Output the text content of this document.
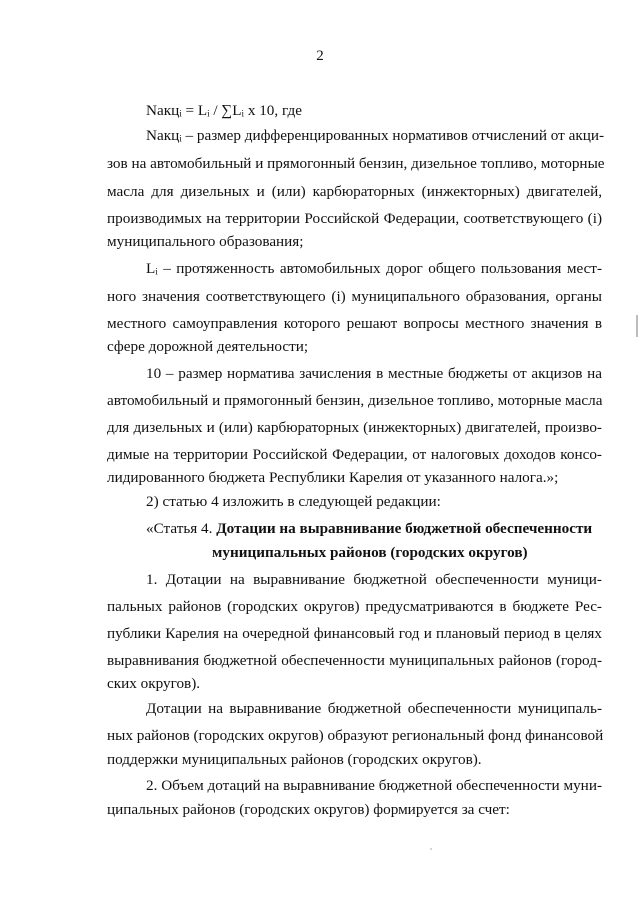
2
Nакцᵢ = Lᵢ / ∑Lᵢ x 10, где
Nакцᵢ – размер дифференцированных нормативов отчислений от акци-
зов на автомобильный и прямогонный бензин, дизельное топливо, моторные
масла для дизельных и (или) карбюраторных (инжекторных) двигателей,
производимых на территории Российской Федерации, соответствующего (i)
муниципального образования;
Lᵢ – протяженность автомобильных дорог общего пользования мест-
ного значения соответствующего (i) муниципального образования, органы
местного самоуправления которого решают вопросы местного значения в
сфере дорожной деятельности;
10 – размер норматива зачисления в местные бюджеты от акцизов на
автомобильный и прямогонный бензин, дизельное топливо, моторные масла
для дизельных и (или) карбюраторных (инжекторных) двигателей, произво-
димые на территории Российской Федерации, от налоговых доходов консо-
лидированного бюджета Республики Карелия от указанного налога.»;
2) статью 4 изложить в следующей редакции:
«Статья 4. Дотации на выравнивание бюджетной обеспеченности
муниципальных районов (городских округов)
1. Дотации на выравнивание бюджетной обеспеченности муници-
пальных районов (городских округов) предусматриваются в бюджете Рес-
публики Карелия на очередной финансовый год и плановый период в целях
выравнивания бюджетной обеспеченности муниципальных районов (город-
ских округов).
Дотации на выравнивание бюджетной обеспеченности муниципаль-
ных районов (городских округов) образуют региональный фонд финансовой
поддержки муниципальных районов (городских округов).
2. Объем дотаций на выравнивание бюджетной обеспеченности муни-
ципальных районов (городских округов) формируется за счет:
